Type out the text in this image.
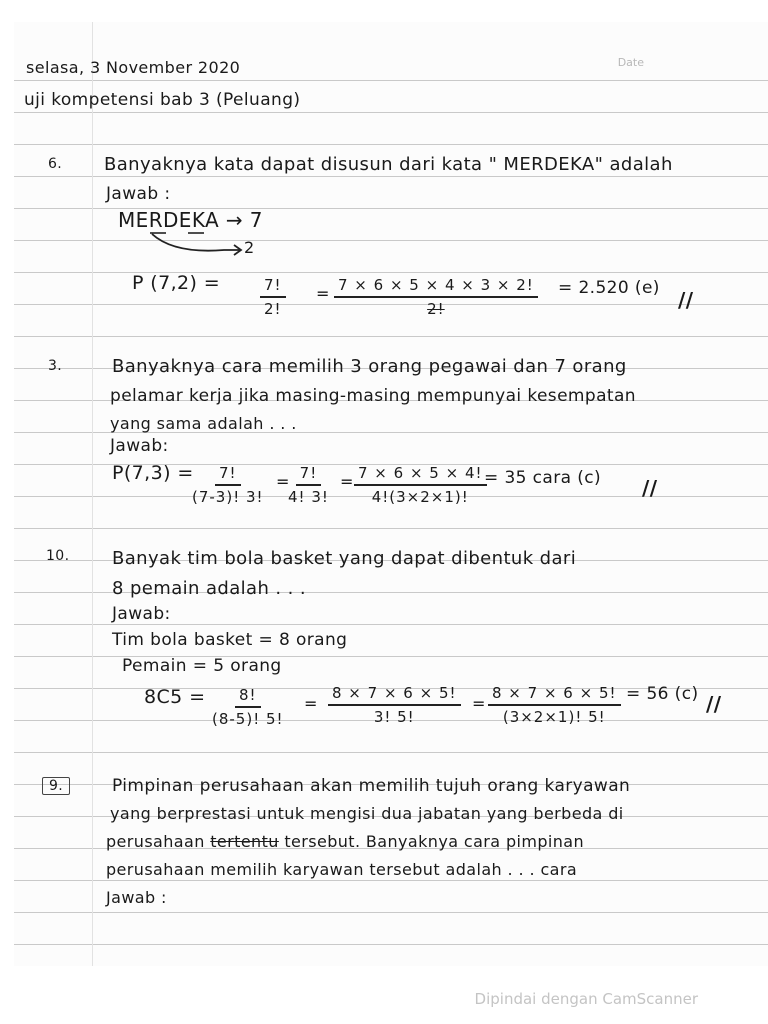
Date
selasa, 3 November 2020
uji kompetensi bab 3 (Peluang)
6. Banyaknya kata dapat disusun dari kata " MERDEKA" adalah
Jawab :
MERDEKA → 7
2
P (7,2) =	$\frac{7!}{2!} = \frac{7 \times 6 \times 5 \times 4 \times 3 \times 2!}{2!} = 2.520$ (e) //
3.	Banyaknya cara memilih 3 orang pegawai dan 7 orang
pelamar kerja jika masing-masing mempunyai kesempatan
yang sama adalah . . .
Jawab:
P(7,3) =
$\frac{7!}{(7-3)! 3!}$ =
$\frac{7!}{4! 3!} = \frac{7 \times 6 \times 5 \times 4!}{4!(3\times 2\times 1)!}$
= 35 cara (c) //
10. Banyak tim bola basket yang dapat dibentuk dari
8 pemain adalah . . .
Jawab:
Tim bola basket = 8 orang
Pemain = 5 orang
$8C5 = \frac{8!}{(8-5)! 5!} = \frac{8 \times 7 \times 6 \times 5!}{3! 5!} = \frac{8 \times 7 \times 6 \times 5!}{(3\times 2\times 1)! 5!} = 56$ (c) //
9.	Pimpinan perusahaan akan memilih tujuh orang karyawan
yang berprestasi untuk mengisi dua jabatan yang berbeda di
perusahaan tertentu tersebut. Banyaknya cara pimpinan
perusahaan memilih karyawan tersebut adalah . . . cara
Jawab :
Dipindai dengan CamScanner
